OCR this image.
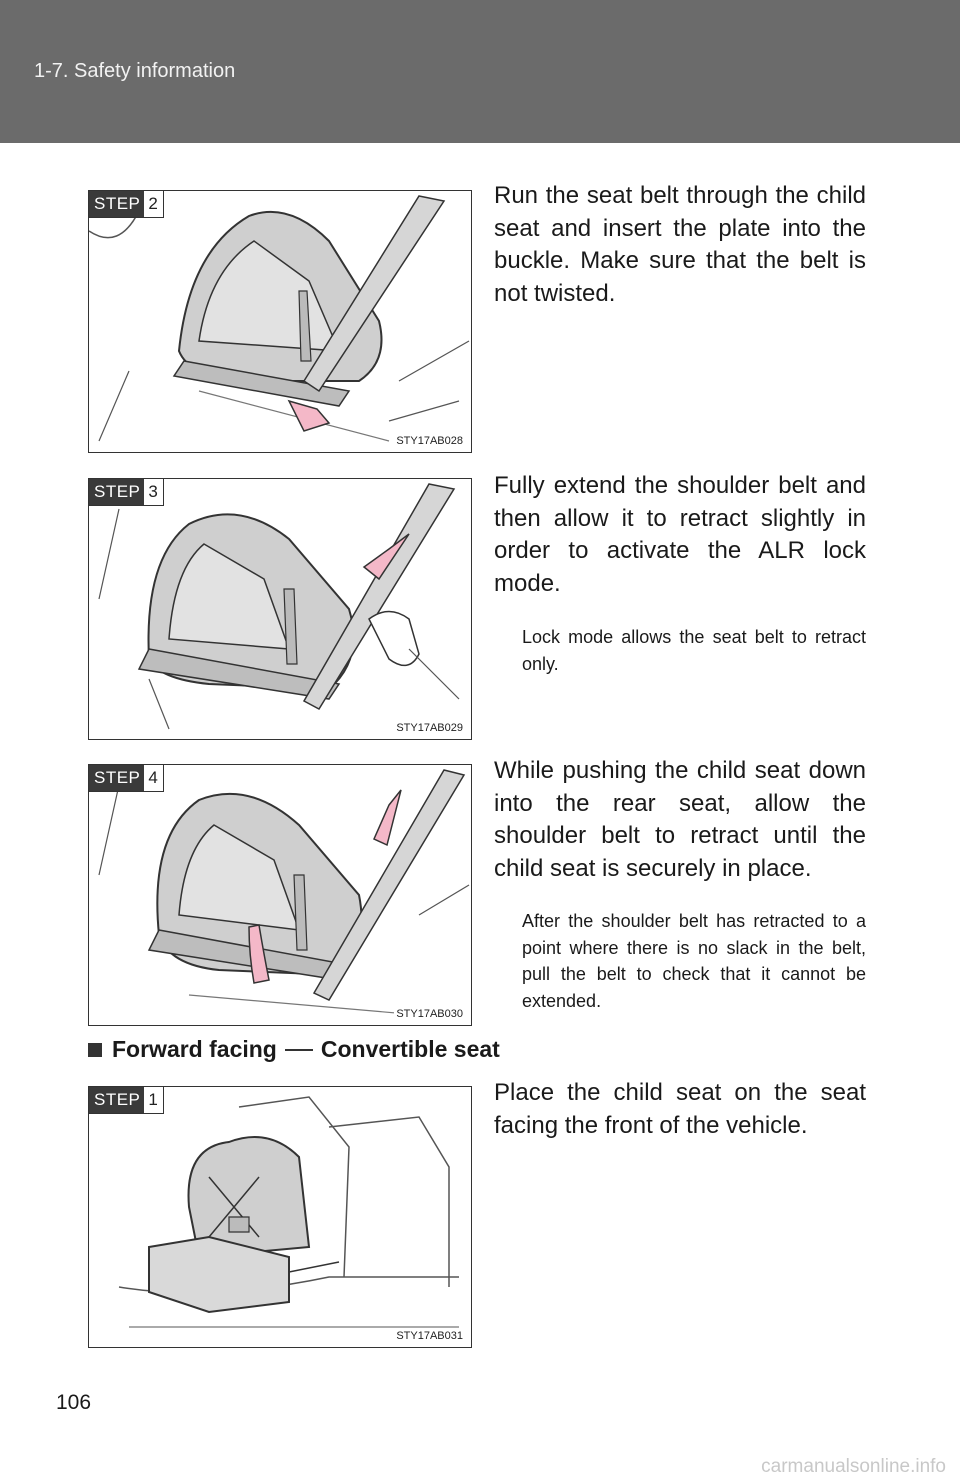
1-7. Safety information
STEP 2
STY17AB028
Run the seat belt through the child seat and insert the plate into the buckle. Make sure that the belt is not twisted.
STEP 3
STY17AB029
Fully extend the shoulder belt and then allow it to retract slightly in order to activate the ALR lock mode.
Lock mode allows the seat belt to retract only.
STEP 4
STY17AB030
While pushing the child seat down into the rear seat, allow the shoulder belt to retract until the child seat is securely in place.
After the shoulder belt has retracted to a point where there is no slack in the belt, pull the belt to check that it cannot be extended.
Forward facing Convertible seat
STEP 1
STY17AB031
Place the child seat on the seat facing the front of the vehicle.
106
carmanualsonline.info
